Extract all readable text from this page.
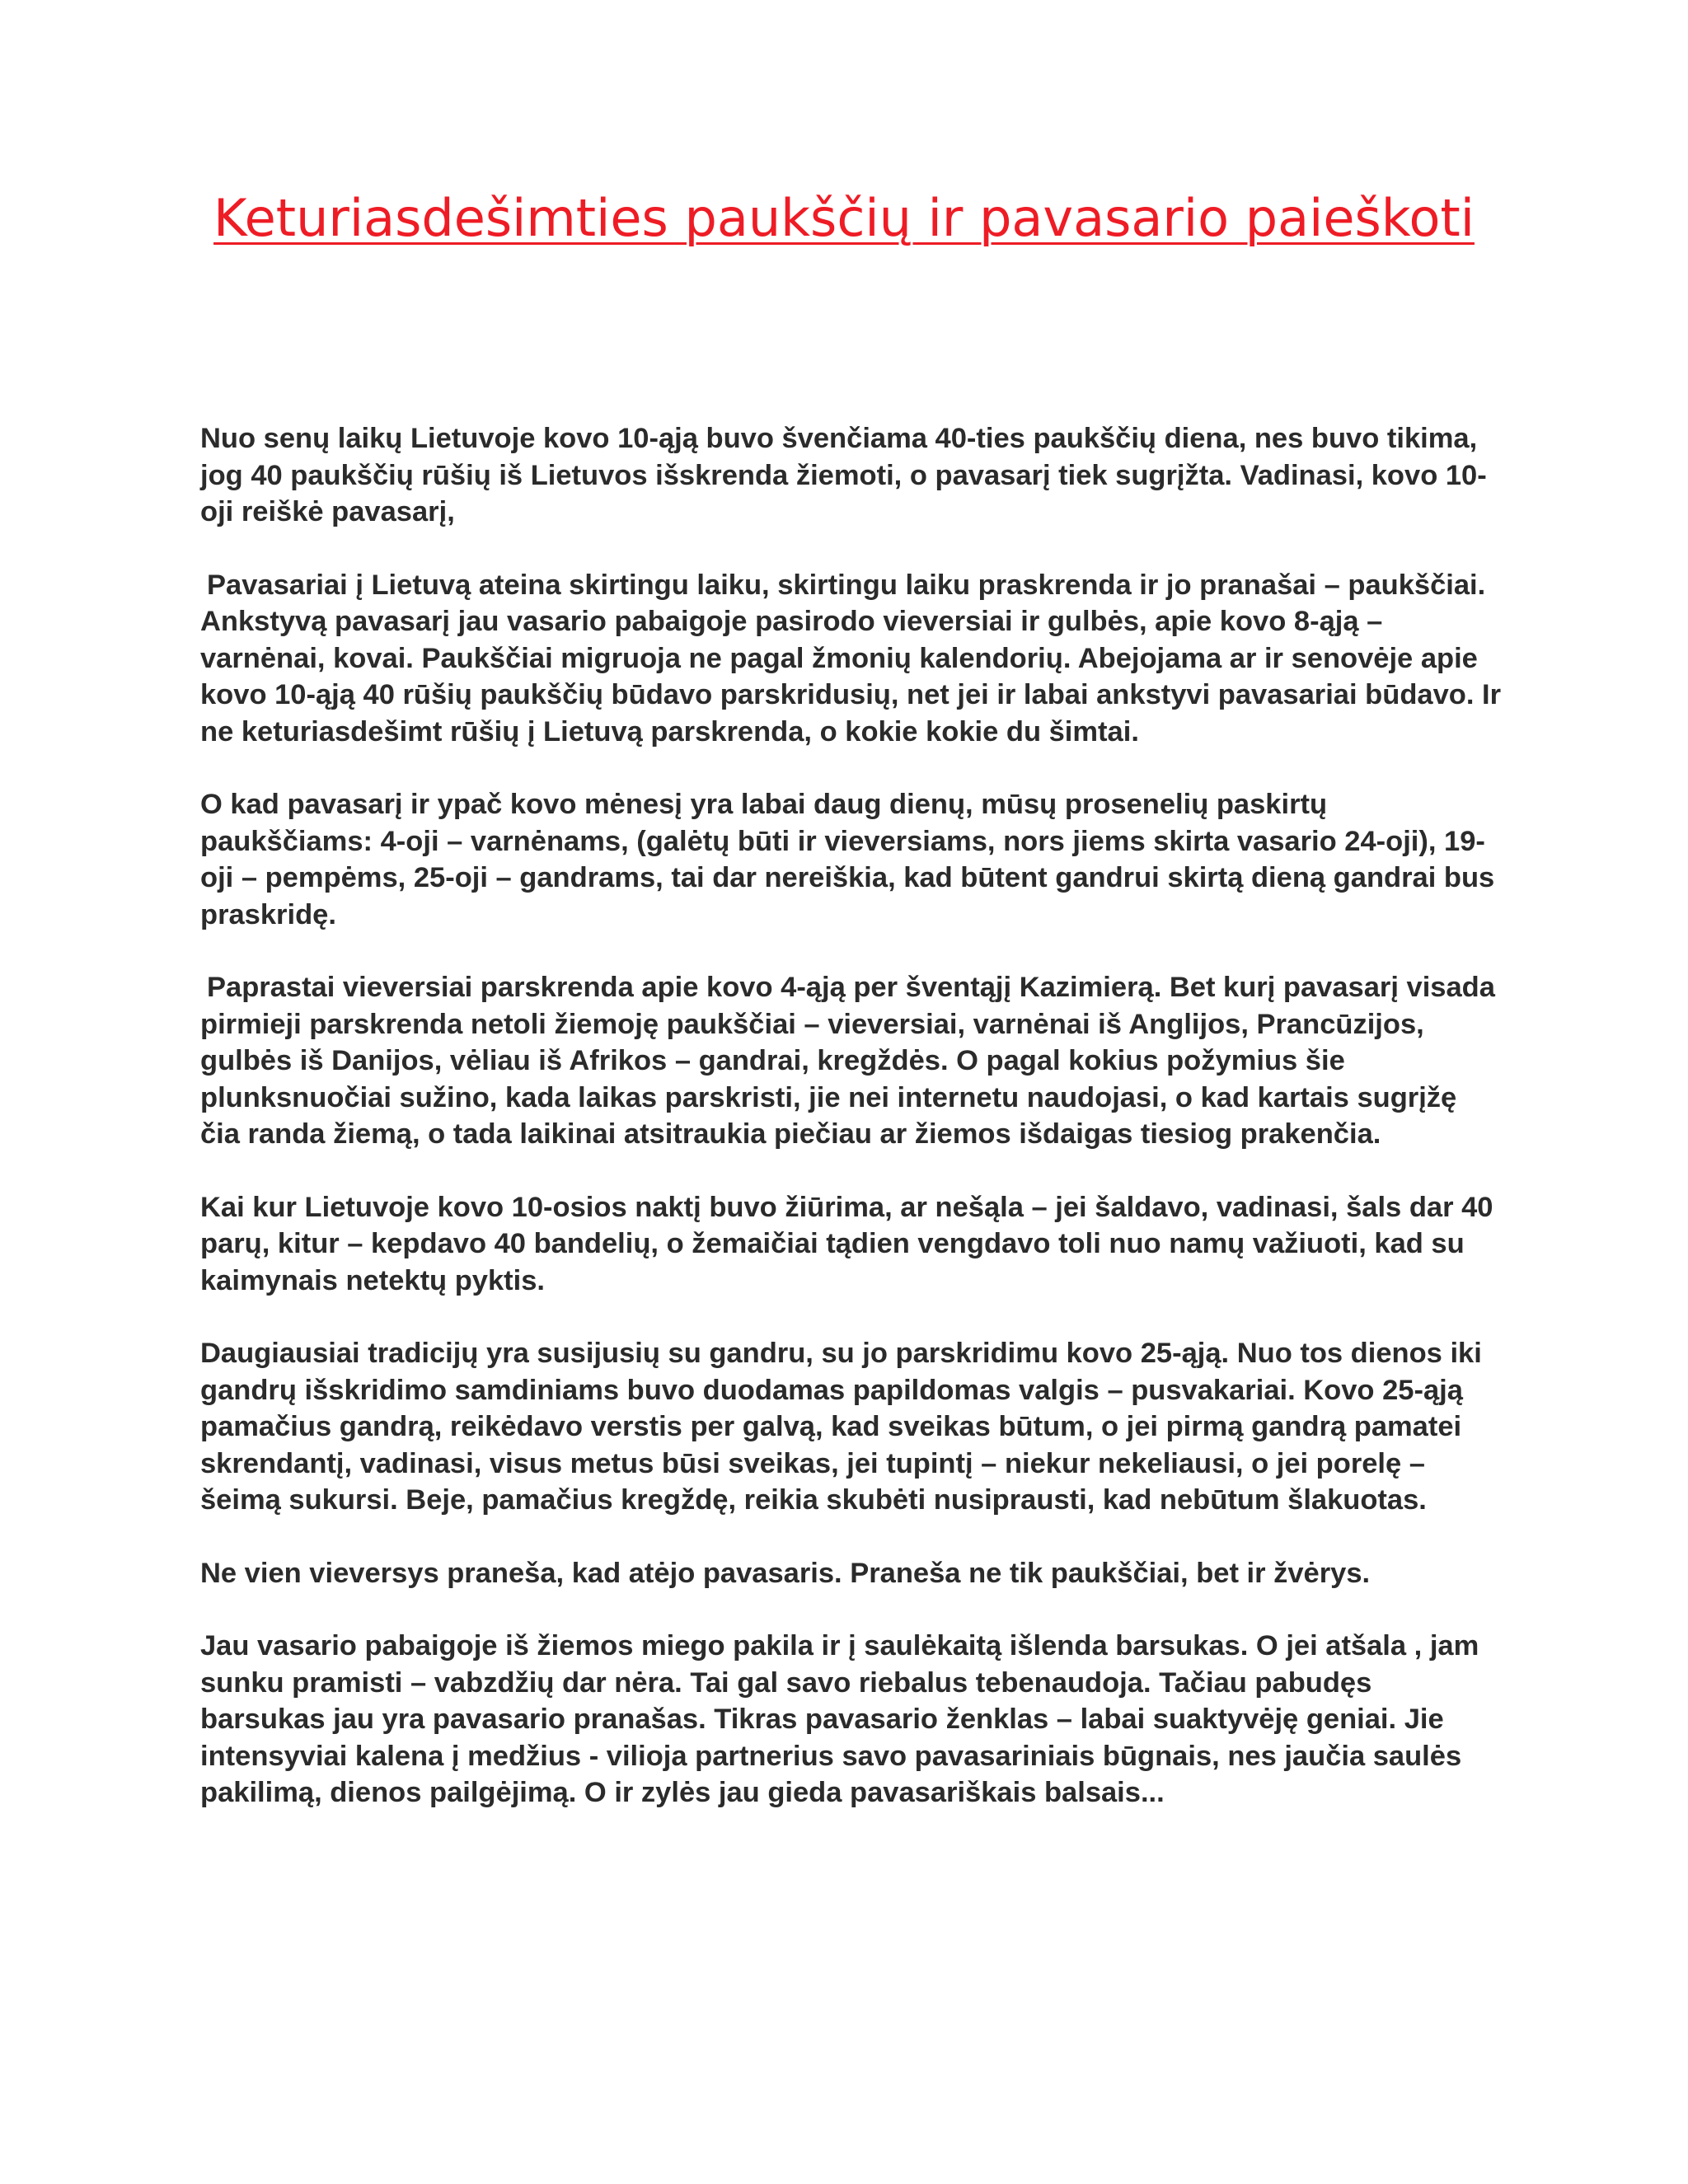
Keturiasdešimties paukščių ir pavasario paieškoti

Nuo senų laikų Lietuvoje kovo 10-ąją buvo švenčiama 40-ties paukščių diena, nes buvo tikima, jog 40 paukščių rūšių iš Lietuvos išskrenda žiemoti, o pavasarį tiek sugrįžta. Vadinasi, kovo 10-oji reiškė pavasarį,

Pavasariai į Lietuvą ateina skirtingu laiku, skirtingu laiku praskrenda ir jo pranašai – paukščiai. Ankstyvą pavasarį jau vasario pabaigoje pasirodo vieversiai ir gulbės, apie kovo 8-ąją – varnėnai, kovai. Paukščiai migruoja ne pagal žmonių kalendorių. Abejojama ar ir senovėje apie kovo 10-ąją 40 rūšių paukščių būdavo parskridusių, net jei ir labai ankstyvi pavasariai būdavo. Ir ne keturiasdešimt rūšių į Lietuvą parskrenda, o kokie kokie du šimtai.

O kad pavasarį ir ypač kovo mėnesį yra labai daug dienų, mūsų prosenelių paskirtų paukščiams: 4-oji – varnėnams, (galėtų būti ir vieversiams, nors jiems skirta vasario 24-oji), 19-oji – pempėms, 25-oji – gandrams, tai dar nereiškia, kad būtent gandrui skirtą dieną gandrai bus praskridę.

Paprastai vieversiai parskrenda apie kovo 4-ąją per šventąjį Kazimierą. Bet kurį pavasarį visada pirmieji parskrenda netoli žiemoję paukščiai – vieversiai, varnėnai iš Anglijos, Prancūzijos, gulbės iš Danijos, vėliau iš Afrikos – gandrai, kregždės. O pagal kokius požymius šie plunksnuočiai sužino, kada laikas parskristi, jie nei internetu naudojasi, o kad kartais sugrįžę čia randa žiemą, o tada laikinai atsitraukia piečiau ar žiemos išdaigas tiesiog prakenčia.

Kai kur Lietuvoje kovo 10-osios naktį buvo žiūrima, ar nešąla – jei šaldavo, vadinasi, šals dar 40 parų, kitur – kepdavo 40 bandelių, o žemaičiai tądien vengdavo toli nuo namų važiuoti, kad su kaimynais netektų pyktis.

Daugiausiai tradicijų yra susijusių su gandru, su jo parskridimu kovo 25-ąją. Nuo tos dienos iki gandrų išskridimo samdiniams buvo duodamas papildomas valgis – pusvakariai. Kovo 25-ąją pamačius gandrą, reikėdavo verstis per galvą, kad sveikas būtum, o jei pirmą gandrą pamatei skrendantį, vadinasi, visus metus būsi sveikas, jei tupintį – niekur nekeliausi, o jei porelę – šeimą sukursi. Beje, pamačius kregždę, reikia skubėti nusiprausti, kad nebūtum šlakuotas.

Ne vien vieversys praneša, kad atėjo pavasaris. Praneša ne tik paukščiai, bet ir žvėrys.

Jau vasario pabaigoje iš žiemos miego pakila ir į saulėkaitą išlenda barsukas. O jei atšala , jam sunku pramisti – vabzdžių dar nėra. Tai gal savo riebalus tebenaudoja. Tačiau pabudęs barsukas jau yra pavasario pranašas. Tikras pavasario ženklas – labai suaktyvėję geniai. Jie intensyviai kalena į medžius - vilioja partnerius savo pavasariniais būgnais, nes jaučia saulės pakilimą, dienos pailgėjimą. O ir zylės jau gieda pavasariškais balsais...
